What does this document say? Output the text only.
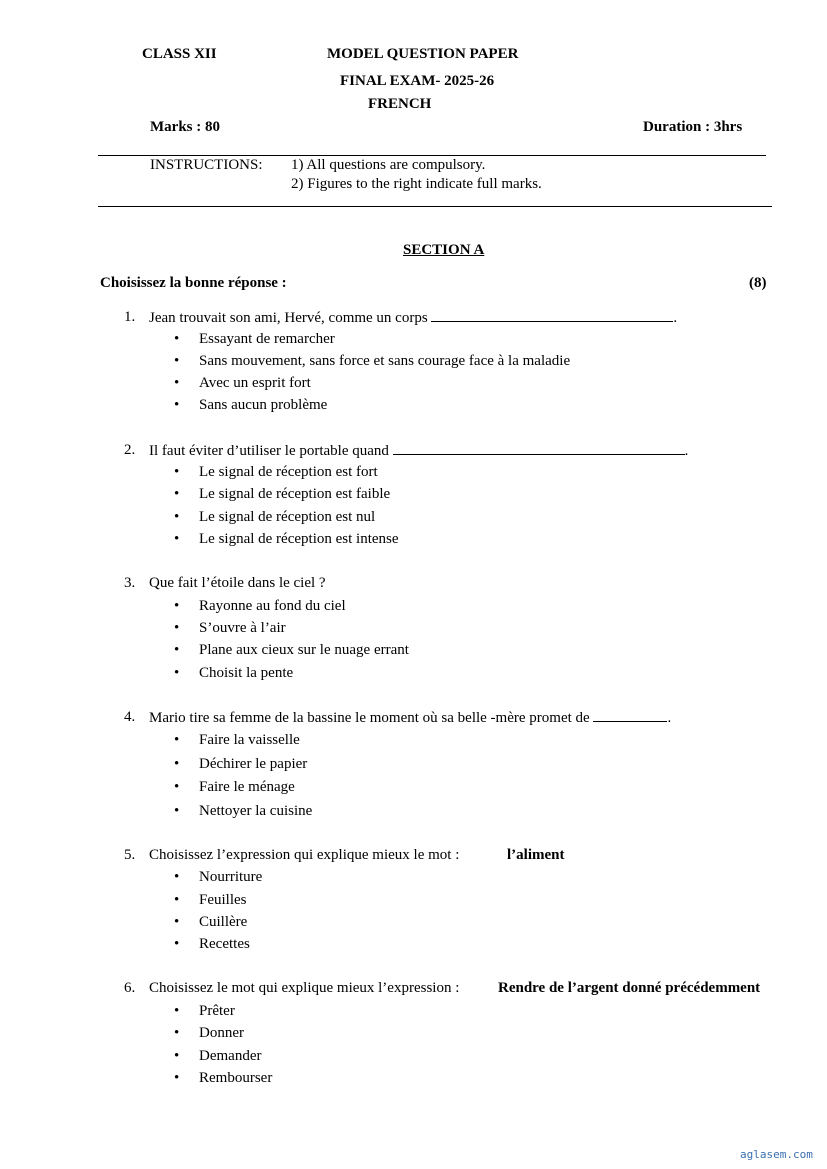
CLASS XII	MODEL QUESTION PAPER
FINAL EXAM- 2025-26
FRENCH
Marks : 80	Duration : 3hrs
INSTRUCTIONS: 1) All questions are compulsory.
2) Figures to the right indicate full marks.
SECTION A
Choisissez la bonne réponse :	(8)
1. Jean trouvait son ami, Hervé, comme un corps	.
• Essayant de remarcher
• Sans mouvement, sans force et sans courage face à la maladie
• Avec un esprit fort
• Sans aucun problème
2. Il faut éviter d’utiliser le portable quand	.
• Le signal de réception est fort
• Le signal de réception est faible
• Le signal de réception est nul
• Le signal de réception est intense
3. Que fait l’étoile dans le ciel ?
• Rayonne au fond du ciel
• S’ouvre à l’air
• Plane aux cieux sur le nuage errant
• Choisit la pente
4. Mario tire sa femme de la bassine le moment où sa belle -mère promet de	.
• Faire la vaisselle
• Déchirer le papier
• Faire le ménage
• Nettoyer la cuisine
5. Choisissez l’expression qui explique mieux le mot :	l’aliment
• Nourriture
• Feuilles
• Cuillère
• Recettes
6. Choisissez le mot qui explique mieux l’expression :	Rendre de l’argent donné précédemment
• Prêter
• Donner
• Demander
• Rembourser
aglasem.com
